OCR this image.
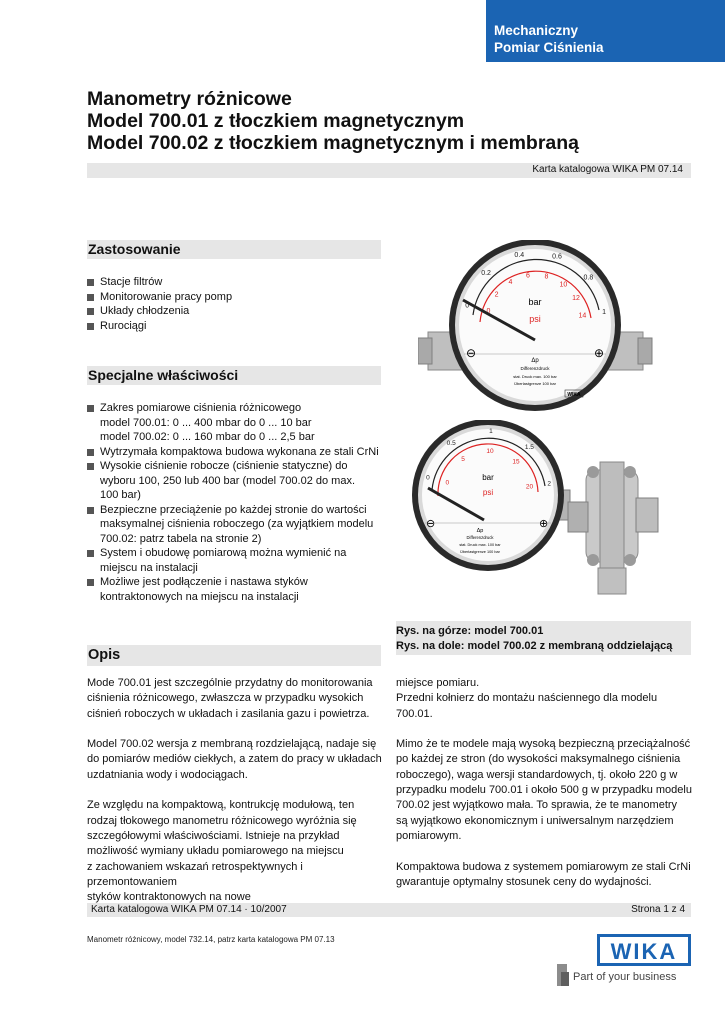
Mechaniczny
Pomiar Ciśnienia
Manometry różnicowe
Model 700.01 z tłoczkiem magnetycznym
Model 700.02 z tłoczkiem magnetycznym i membraną
Karta katalogowa WIKA PM 07.14
Zastosowanie
Stacje filtrów
Monitorowanie pracy pomp
Układy chłodzenia
Rurociągi
Specjalne właściwości
Zakres pomiarowe ciśnienia różnicowego
model 700.01: 0 ... 400 mbar do 0 ... 10 bar
model 700.02: 0 ... 160 mbar do 0 ... 2,5 bar
Wytrzymała kompaktowa budowa wykonana ze stali CrNi
Wysokie ciśnienie robocze (ciśnienie statyczne) do
wyboru 100, 250 lub 400 bar (model 700.02 do max.
100 bar)
Bezpieczne przeciążenie po każdej stronie do wartości
maksymalnej ciśnienia roboczego (za wyjątkiem modelu
700.02: patrz tabela na stronie 2)
System i obudowę pomiarową można wymienić na
miejscu na instalacji
Możliwe jest podłączenie i nastawa styków
kontraktonowych na miejscu na instalacji
0
0.2
0.4	0.6
0.8
1
0
2
4
6 8
10
12
14
bar
psi
⊖	⊕
Δp
Differenzdruck
stat. Druck max. 100 bar
Überlastgrenze 100 bar
WIKA
0
0.5
1
1.5
2
0
5
10
15
20
bar
psi
⊖	⊕
Δp
Differenzdruck
stat. Druck max. 100 bar
Überlastgrenze 100 bar
Rys. na górze: model 700.01
Rys. na dole: model 700.02 z membraną oddzielającą
Opis

Mode 700.01 jest szczególnie przydatny do monitorowania
ciśnienia różnicowego, zwłaszcza w przypadku wysokich
ciśnień roboczych w układach i zasilania gazu i powietrza.

Model 700.02 wersja z membraną rozdzielającą, nadaje się
do pomiarów mediów ciekłych, a zatem do pracy w układach
uzdatniania wody i wodociągach.

Ze względu na kompaktową, kontrukcję modułową, ten
rodzaj tłokowego manometru różnicowego wyróżnia się
szczegółowymi właściwościami. Istnieje na przykład
możliwość wymiany układu pomiarowego na miejscu
z zachowaniem wskazań retrospektywnych i przemontowaniem
styków kontraktonowych na nowe

miejsce pomiaru.
Przedni kołnierz do montażu naściennego dla modelu
700.01.

Mimo że te modele mają wysoką bezpieczną przeciążalność
po każdej ze stron (do wysokości maksymalnego ciśnienia
roboczego), waga wersji standardowych, tj. około 220 g w
przypadku modelu 700.01 i około 500 g w przypadku modelu
700.02 jest wyjątkowo mała. To sprawia, że te manometry
są wyjątkowo ekonomicznym i uniwersalnym narzędziem
pomiarowym.

Kompaktowa budowa z systemem pomiarowym ze stali CrNi
gwarantuje optymalny stosunek ceny do wydajności.

Karta katalogowa WIKA PM 07.14 · 10/2007	Strona 1 z 4
Manometr różnicowy, model 732.14, patrz karta katalogowa PM 07.13	WIKA
Part of your business
